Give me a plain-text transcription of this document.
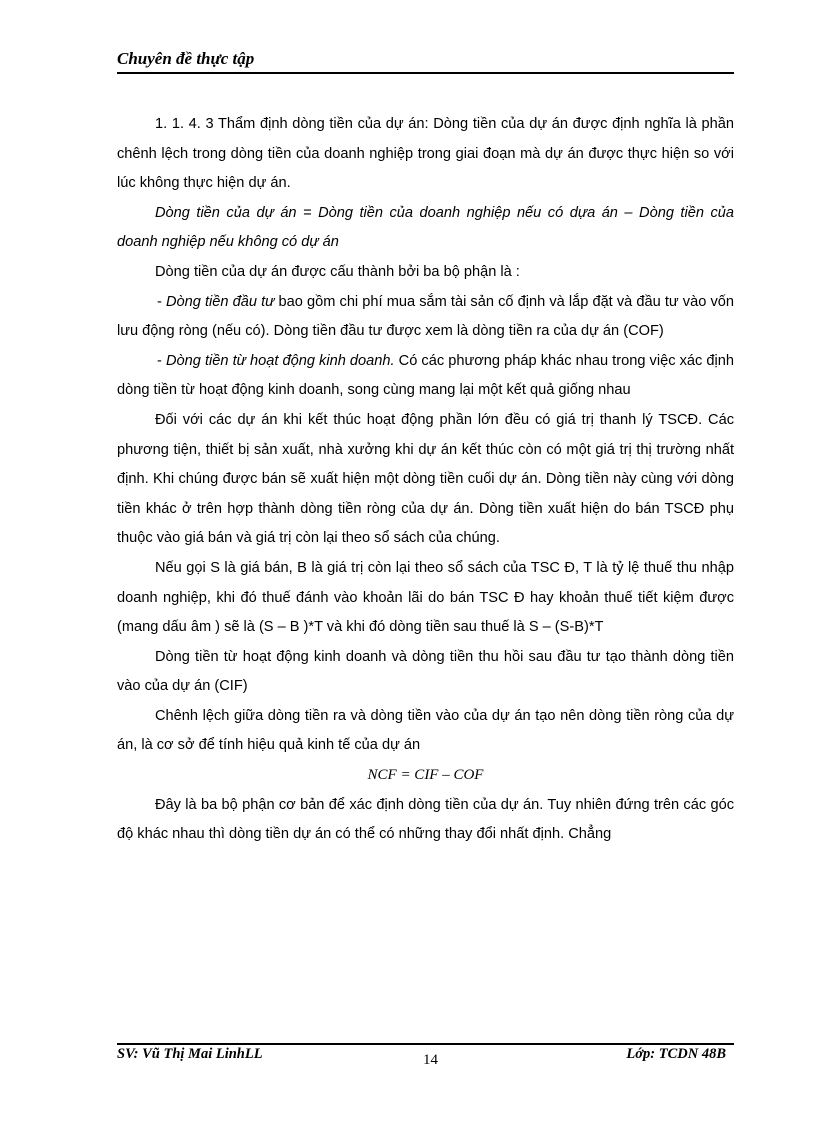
Chuyên đề thực tập

1. 1. 4. 3 Thẩm định dòng tiền của dự án: Dòng tiền của dự án được định nghĩa là phần chênh lệch trong dòng tiền của doanh nghiệp trong giai đoạn mà dự án được thực hiện so với lúc không thực hiện dự án.

Dòng tiền của dự án = Dòng tiền của doanh nghiệp nếu có dựa án – Dòng tiền của doanh nghiệp nếu không có dự án

Dòng tiền của dự án được cấu thành bởi ba bộ phận là :

- Dòng tiền đầu tư bao gồm chi phí mua sắm tài sản cố định và lắp đặt và đầu tư vào vốn lưu động ròng (nếu có). Dòng tiền đầu tư được xem là dòng tiền ra của dự án (COF)

- Dòng tiền từ hoạt động kinh doanh. Có các phương pháp khác nhau trong việc xác định dòng tiền từ hoạt động kinh doanh, song cùng mang lại một kết quả giống nhau

Đối với các dự án khi kết thúc hoạt động phần lớn đều có giá trị thanh lý TSCĐ. Các phương tiện, thiết bị sản xuất, nhà xưởng khi dự án kết thúc còn có một giá trị thị trường nhất định. Khi chúng được bán sẽ xuất hiện một dòng tiền cuối dự án. Dòng tiền này cùng với dòng tiền khác ở trên hợp thành dòng tiền ròng của dự án. Dòng tiền xuất hiện do bán TSCĐ phụ thuộc vào giá bán và giá trị còn lại theo sổ sách của chúng.

Nếu gọi S là giá bán, B là giá trị còn lại theo sổ sách của TSC Đ, T là tỷ lệ thuế thu nhập doanh nghiệp, khi đó thuế đánh vào khoản lãi do bán TSC Đ hay khoản thuế tiết kiệm được (mang dấu âm ) sẽ là (S – B )*T và khi đó dòng tiền sau thuế là S – (S-B)*T

Dòng tiền từ hoạt động kinh doanh và dòng tiền thu hồi sau đầu tư tạo thành dòng tiền vào của dự án (CIF)

Chênh lệch giữa dòng tiền ra và dòng tiền vào của dự án tạo nên dòng tiền ròng của dự án, là cơ sở để tính hiệu quả kinh tế của dự án

NCF = CIF – COF

Đây là ba bộ phận cơ bản để xác định dòng tiền của dự án. Tuy nhiên đứng trên các góc độ khác nhau thì dòng tiền dự án có thể có những thay đổi nhất định. Chẳng

SV: Vũ Thị Mai LinhLL	14	Lớp: TCDN 48B
